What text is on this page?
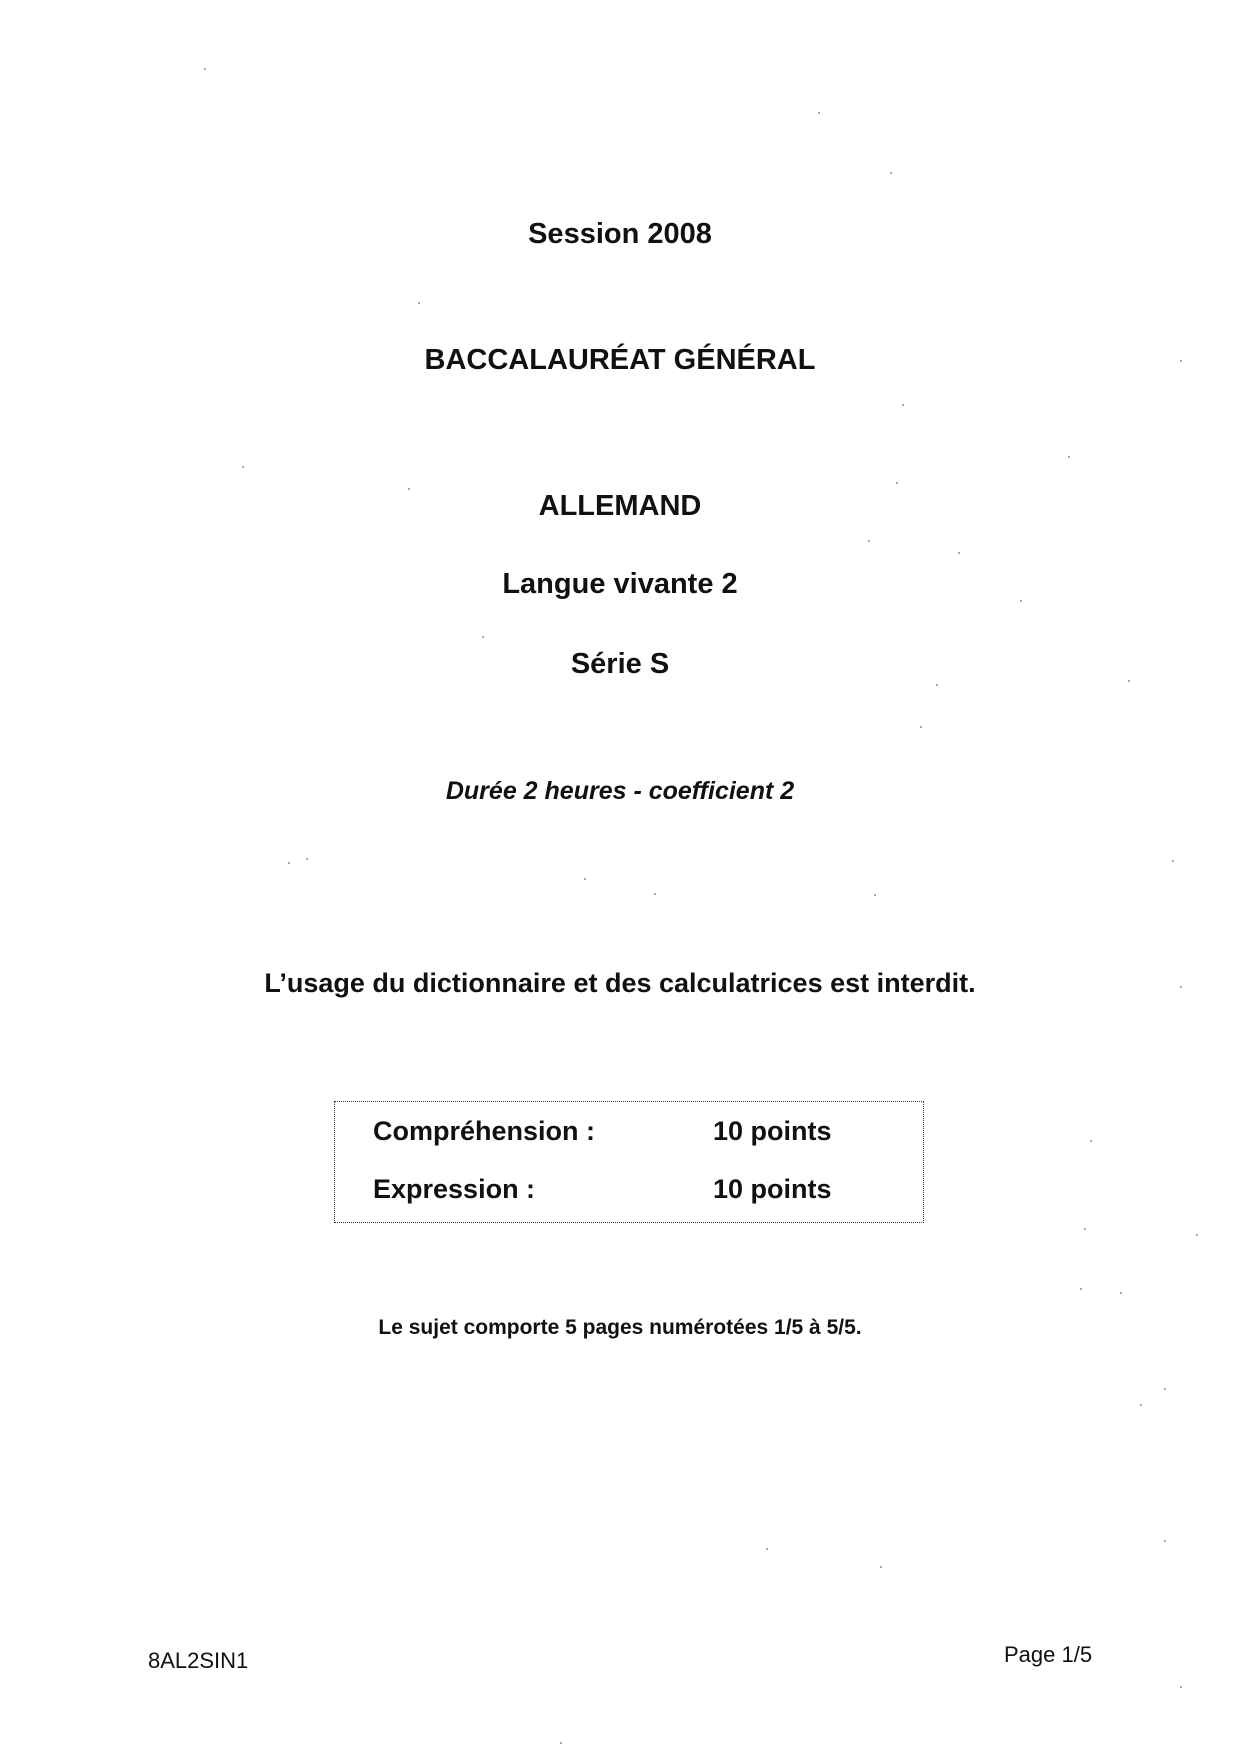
Session 2008
BACCALAURÉAT GÉNÉRAL
ALLEMAND
Langue vivante 2
Série S
Durée 2 heures - coefficient 2
L’usage du dictionnaire et des calculatrices est interdit.
Compréhension :	10 points
Expression :	10 points
Le sujet comporte 5 pages numérotées 1/5 à 5/5.
8AL2SIN1	Page 1/5
